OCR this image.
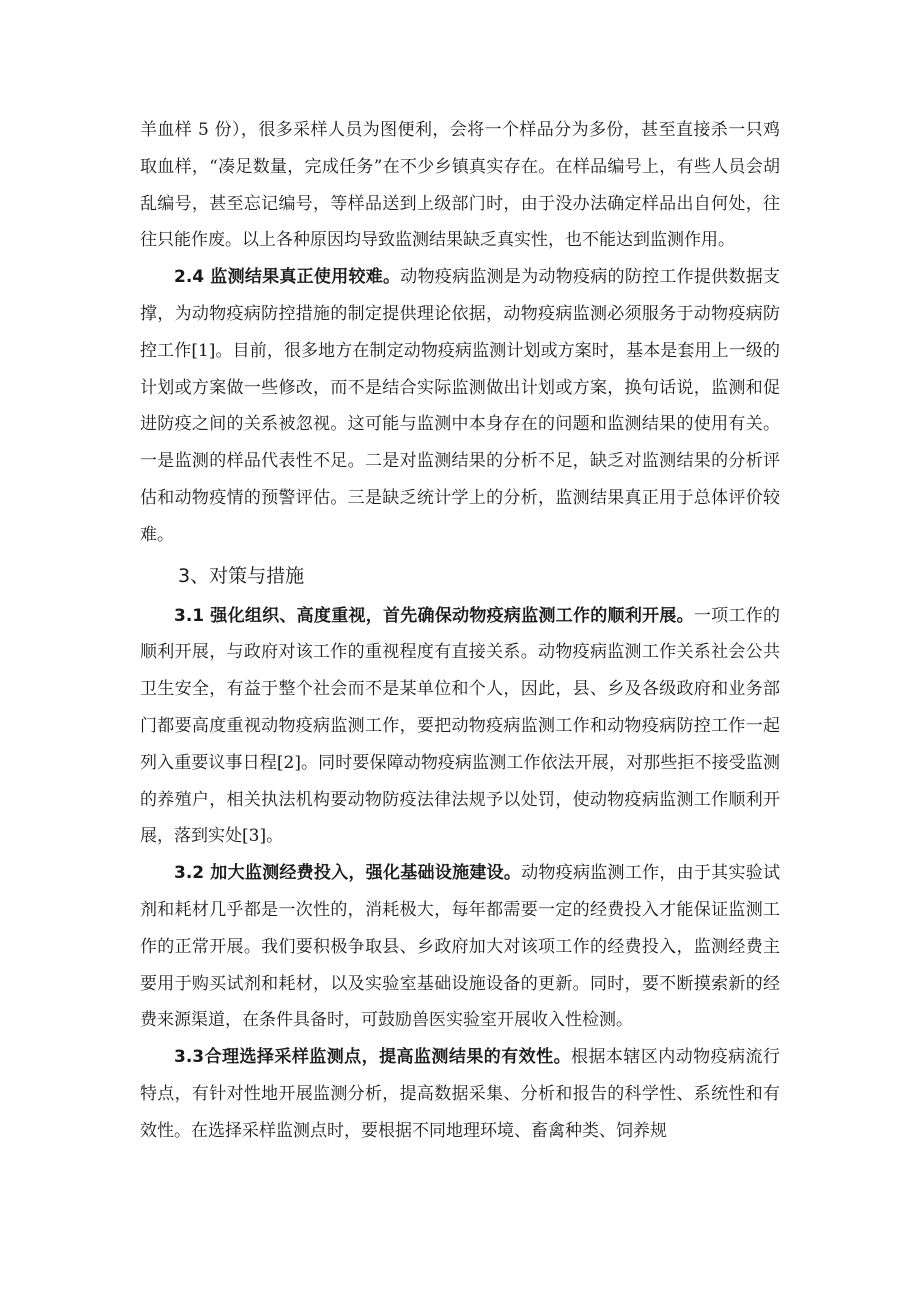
羊血样 5 份），很多采样人员为图便利，会将一个样品分为多份，甚至直接杀一只鸡取血样，“凑足数量，完成任务”在不少乡镇真实存在。在样品编号上，有些人员会胡乱编号，甚至忘记编号，等样品送到上级部门时，由于没办法确定样品出自何处，往往只能作废。以上各种原因均导致监测结果缺乏真实性，也不能达到监测作用。

2.4 监测结果真正使用较难。动物疫病监测是为动物疫病的防控工作提供数据支撑，为动物疫病防控措施的制定提供理论依据，动物疫病监测必须服务于动物疫病防控工作[1]。目前，很多地方在制定动物疫病监测计划或方案时，基本是套用上一级的计划或方案做一些修改，而不是结合实际监测做出计划或方案，换句话说，监测和促进防疫之间的关系被忽视。这可能与监测中本身存在的问题和监测结果的使用有关。一是监测的样品代表性不足。二是对监测结果的分析不足，缺乏对监测结果的分析评估和动物疫情的预警评估。三是缺乏统计学上的分析，监测结果真正用于总体评价较难。

3、对策与措施

3.1 强化组织、高度重视，首先确保动物疫病监测工作的顺利开展。一项工作的顺利开展，与政府对该工作的重视程度有直接关系。动物疫病监测工作关系社会公共卫生安全，有益于整个社会而不是某单位和个人，因此，县、乡及各级政府和业务部门都要高度重视动物疫病监测工作，要把动物疫病监测工作和动物疫病防控工作一起列入重要议事日程[2]。同时要保障动物疫病监测工作依法开展，对那些拒不接受监测的养殖户，相关执法机构要动物防疫法律法规予以处罚，使动物疫病监测工作顺利开展，落到实处[3]。

3.2 加大监测经费投入，强化基础设施建设。动物疫病监测工作，由于其实验试剂和耗材几乎都是一次性的，消耗极大，每年都需要一定的经费投入才能保证监测工作的正常开展。我们要积极争取县、乡政府加大对该项工作的经费投入，监测经费主要用于购买试剂和耗材，以及实验室基础设施设备的更新。同时，要不断摸索新的经费来源渠道，在条件具备时，可鼓励兽医实验室开展收入性检测。

3.3合理选择采样监测点，提高监测结果的有效性。根据本辖区内动物疫病流行特点，有针对性地开展监测分析，提高数据采集、分析和报告的科学性、系统性和有效性。在选择采样监测点时，要根据不同地理环境、畜禽种类、饲养规
